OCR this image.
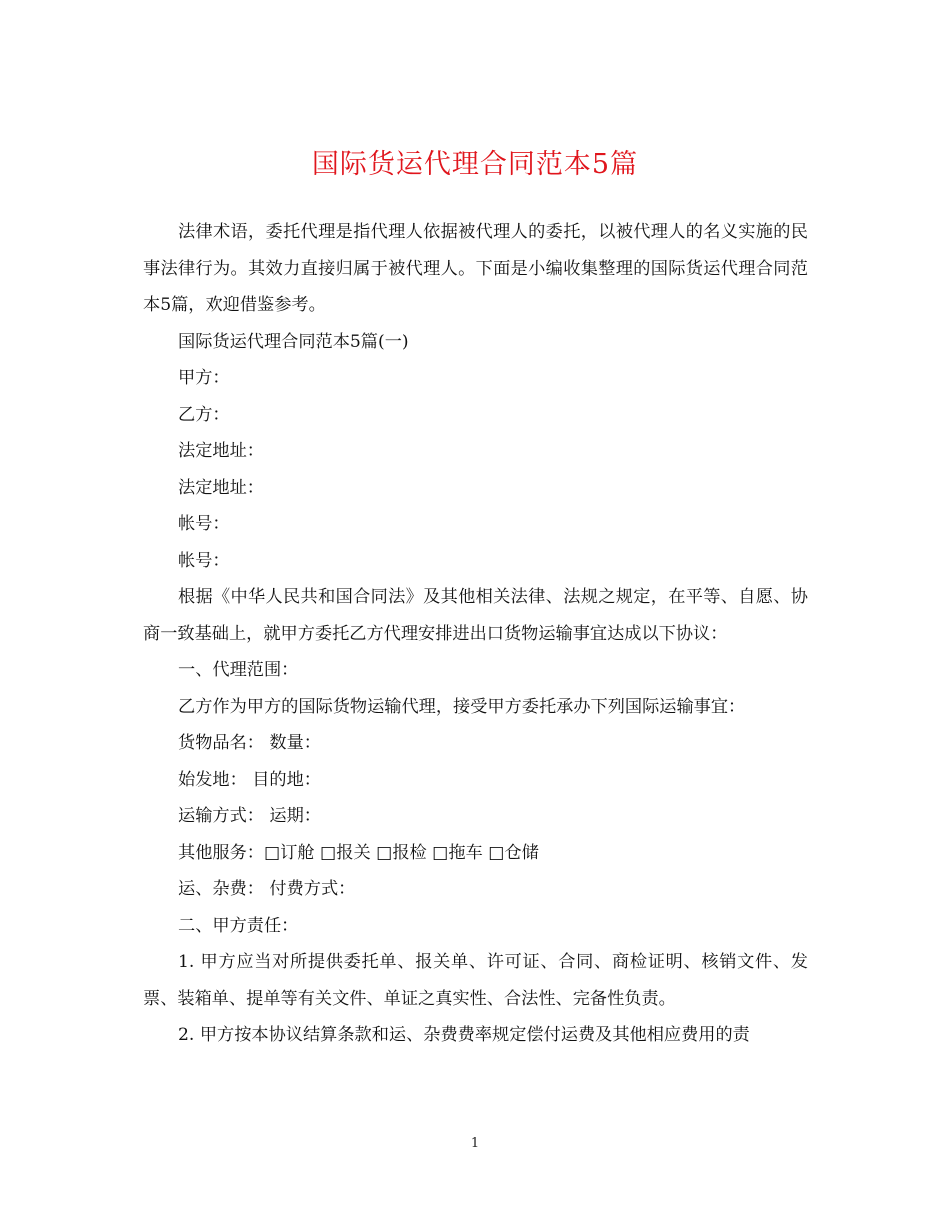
国际货运代理合同范本5篇

法律术语，委托代理是指代理人依据被代理人的委托，以被代理人的名义实施的民事法律行为。其效力直接归属于被代理人。下面是小编收集整理的国际货运代理合同范本5篇，欢迎借鉴参考。

国际货运代理合同范本5篇(一)

甲方：

乙方：

法定地址：

法定地址：

帐号：

帐号：

根据《中华人民共和国合同法》及其他相关法律、法规之规定，在平等、自愿、协商一致基础上，就甲方委托乙方代理安排进出口货物运输事宜达成以下协议：

一、代理范围：

乙方作为甲方的国际货物运输代理，接受甲方委托承办下列国际运输事宜：

货物品名： 数量：

始发地： 目的地：

运输方式： 运期：

其他服务：□订舱 □报关 □报检 □拖车 □仓储

运、杂费： 付费方式：

二、甲方责任：

1. 甲方应当对所提供委托单、报关单、许可证、合同、商检证明、核销文件、发票、装箱单、提单等有关文件、单证之真实性、合法性、完备性负责。

2. 甲方按本协议结算条款和运、杂费费率规定偿付运费及其他相应费用的责

1
